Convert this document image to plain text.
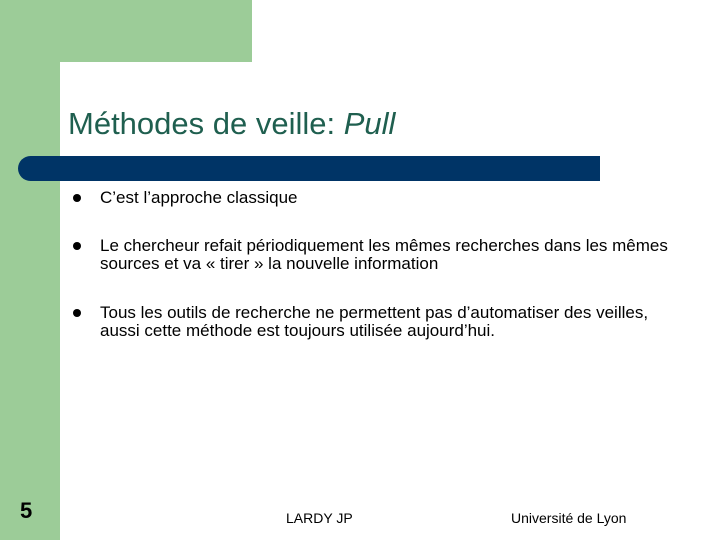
Méthodes de veille: Pull
C’est l’approche classique
Le chercheur refait périodiquement les mêmes recherches dans les mêmes sources et va « tirer » la nouvelle information
Tous les outils de recherche ne permettent pas d’automatiser des veilles, aussi cette méthode est toujours utilisée aujourd’hui.
5	LARDY JP	Université de Lyon
